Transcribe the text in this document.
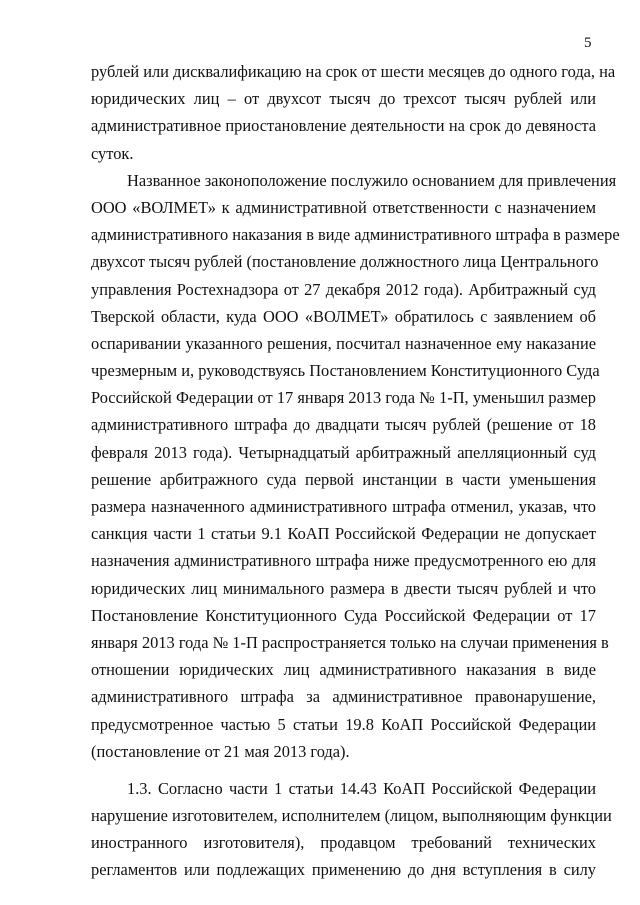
5
рублей или дисквалификацию на срок от шести месяцев до одного года, на
юридических лиц – от двухсот тысяч до трехсот тысяч рублей или
административное приостановление деятельности на срок до девяноста
суток.
Названное законоположение послужило основанием для привлечения
ООО «ВОЛМЕТ» к административной ответственности с назначением
административного наказания в виде административного штрафа в размере
двухсот тысяч рублей (постановление должностного лица Центрального
управления Ростехнадзора от 27 декабря 2012 года). Арбитражный суд
Тверской области, куда ООО «ВОЛМЕТ» обратилось с заявлением об
оспаривании указанного решения, посчитал назначенное ему наказание
чрезмерным и, руководствуясь Постановлением Конституционного Суда
Российской Федерации от 17 января 2013 года № 1-П, уменьшил размер
административного штрафа до двадцати тысяч рублей (решение от 18
февраля 2013 года). Четырнадцатый арбитражный апелляционный суд
решение арбитражного суда первой инстанции в части уменьшения
размера назначенного административного штрафа отменил, указав, что
санкция части 1 статьи 9.1 КоАП Российской Федерации не допускает
назначения административного штрафа ниже предусмотренного ею для
юридических лиц минимального размера в двести тысяч рублей и что
Постановление Конституционного Суда Российской Федерации от 17
января 2013 года № 1-П распространяется только на случаи применения в
отношении юридических лиц административного наказания в виде
административного штрафа за административное правонарушение,
предусмотренное частью 5 статьи 19.8 КоАП Российской Федерации
(постановление от 21 мая 2013 года).
1.3. Согласно части 1 статьи 14.43 КоАП Российской Федерации
нарушение изготовителем, исполнителем (лицом, выполняющим функции
иностранного изготовителя), продавцом требований технических
регламентов или подлежащих применению до дня вступления в силу
